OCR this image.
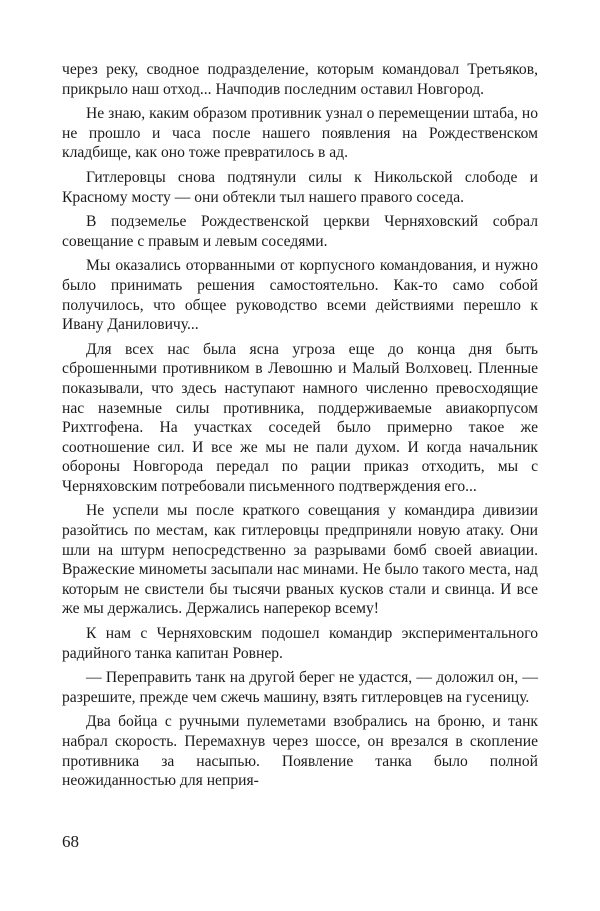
через реку, сводное подразделение, которым командовал Третьяков, прикрыло наш отход... Начподив последним оставил Новгород.

Не знаю, каким образом противник узнал о перемещении штаба, но не прошло и часа после нашего появления на Рождественском кладбище, как оно тоже превратилось в ад.

Гитлеровцы снова подтянули силы к Никольской слободе и Красному мосту — они обтекли тыл нашего правого соседа.

В подземелье Рождественской церкви Черняховский собрал совещание с правым и левым соседями.

Мы оказались оторванными от корпусного командования, и нужно было принимать решения самостоятельно. Как-то само собой получилось, что общее руководство всеми действиями перешло к Ивану Даниловичу...

Для всех нас была ясна угроза еще до конца дня быть сброшенными противником в Левошню и Малый Волховец. Пленные показывали, что здесь наступают намного численно превосходящие нас наземные силы противника, поддерживаемые авиакорпусом Рихтгофена. На участках соседей было примерно такое же соотношение сил. И все же мы не пали духом. И когда начальник обороны Новгорода передал по рации приказ отходить, мы с Черняховским потребовали письменного подтверждения его...

Не успели мы после краткого совещания у командира дивизии разойтись по местам, как гитлеровцы предприняли новую атаку. Они шли на штурм непосредственно за разрывами бомб своей авиации. Вражеские минометы засыпали нас минами. Не было такого места, над которым не свистели бы тысячи рваных кусков стали и свинца. И все же мы держались. Держались наперекор всему!

К нам с Черняховским подошел командир экспериментального радийного танка капитан Ровнер.

— Переправить танк на другой берег не удастся, — доложил он, — разрешите, прежде чем сжечь машину, взять гитлеровцев на гусеницу.

Два бойца с ручными пулеметами взобрались на броню, и танк набрал скорость. Перемахнув через шоссе, он врезался в скопление противника за насыпью. Появление танка было полной неожиданностью для неприя-

68
